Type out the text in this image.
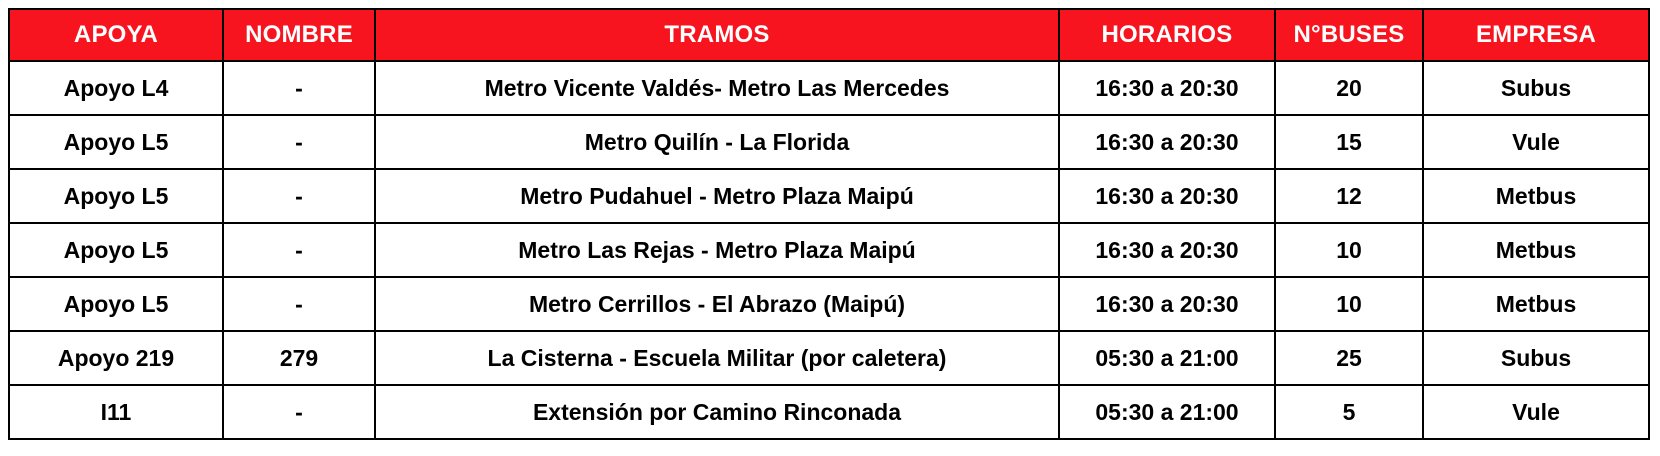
APOYA	NOMBRE	TRAMOS	HORARIOS	N°BUSES	EMPRESA
Apoyo L4	-	Metro Vicente Valdés- Metro Las Mercedes	16:30 a 20:30	20	Subus
Apoyo L5	-	Metro Quilín - La Florida	16:30 a 20:30	15	Vule
Apoyo L5	-	Metro Pudahuel - Metro Plaza Maipú	16:30 a 20:30	12	Metbus
Apoyo L5	-	Metro Las Rejas - Metro Plaza Maipú	16:30 a 20:30	10	Metbus
Apoyo L5	-	Metro Cerrillos - El Abrazo (Maipú)	16:30 a 20:30	10	Metbus
Apoyo 219	279	La Cisterna - Escuela Militar (por caletera)	05:30 a 21:00	25	Subus
I11	-	Extensión por Camino Rinconada	05:30 a 21:00	5	Vule
